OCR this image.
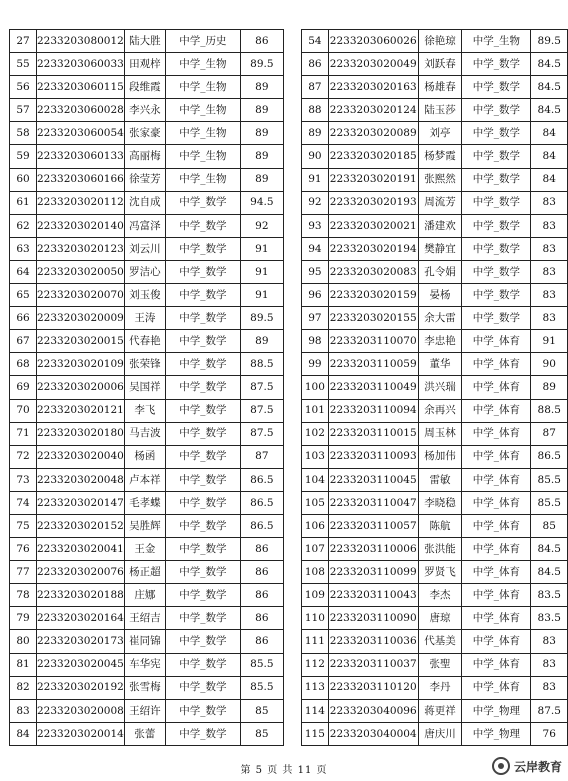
27	2233203080012	陆大胜	中学_历史	86
55	2233203060033	田观梓	中学_生物	89.5
56	2233203060115	段维霞	中学_生物	89
57	2233203060028	李兴永	中学_生物	89
58	2233203060054	张家豪	中学_生物	89
59	2233203060133	高丽梅	中学_生物	89
60	2233203060166	徐莹芳	中学_生物	89
61	2233203020112	沈自成	中学_数学	94.5
62	2233203020140	冯富泽	中学_数学	92
63	2233203020123	刘云川	中学_数学	91
64	2233203020050	罗洁心	中学_数学	91
65	2233203020070	刘玉俊	中学_数学	91
66	2233203020009	王涛	中学_数学	89.5
67	2233203020015	代春艳	中学_数学	89
68	2233203020109	张荣锋	中学_数学	88.5
69	2233203020006	吴国祥	中学_数学	87.5
70	2233203020121	李飞	中学_数学	87.5
71	2233203020180	马吉波	中学_数学	87.5
72	2233203020040	杨函	中学_数学	87
73	2233203020048	卢本祥	中学_数学	86.5
74	2233203020147	毛孝蝶	中学_数学	86.5
75	2233203020152	吴胜辉	中学_数学	86.5
76	2233203020041	王金	中学_数学	86
77	2233203020076	杨正超	中学_数学	86
78	2233203020188	庄娜	中学_数学	86
79	2233203020164	王绍吉	中学_数学	86
80	2233203020173	崔同锦	中学_数学	86
81	2233203020045	车华宪	中学_数学	85.5
82	2233203020192	张雪梅	中学_数学	85.5
83	2233203020008	王绍许	中学_数学	85
84	2233203020014	张蕾	中学_数学	85
54	2233203060026	徐艳琼	中学_生物	89.5
86	2233203020049	刘跃春	中学_数学	84.5
87	2233203020163	杨雄春	中学_数学	84.5
88	2233203020124	陆玉莎	中学_数学	84.5
89	2233203020089	刘亭	中学_数学	84
90	2233203020185	杨梦霞	中学_数学	84
91	2233203020191	张熙然	中学_数学	84
92	2233203020193	周流芳	中学_数学	83
93	2233203020021	潘建欢	中学_数学	83
94	2233203020194	樊静宜	中学_数学	83
95	2233203020083	孔令娟	中学_数学	83
96	2233203020159	晏杨	中学_数学	83
97	2233203020155	余大雷	中学_数学	83
98	2233203110070	李忠艳	中学_体育	91
99	2233203110059	董华	中学_体育	90
100	2233203110049	洪兴瑞	中学_体育	89
101	2233203110094	余再兴	中学_体育	88.5
102	2233203110015	周玉林	中学_体育	87
103	2233203110093	杨加伟	中学_体育	86.5
104	2233203110045	雷敏	中学_体育	85.5
105	2233203110047	李晓稳	中学_体育	85.5
106	2233203110057	陈航	中学_体育	85
107	2233203110006	张洪能	中学_体育	84.5
108	2233203110099	罗贤飞	中学_体育	84.5
109	2233203110043	李杰	中学_体育	83.5
110	2233203110090	唐琼	中学_体育	83.5
111	2233203110036	代基美	中学_体育	83
112	2233203110037	张聖	中学_体育	83
113	2233203110120	李丹	中学_体育	83
114	2233203040096	蒋更祥	中学_物理	87.5
115	2233203040004	唐庆川	中学_物理	76
第 5 页 共 11 页	云岸教育
